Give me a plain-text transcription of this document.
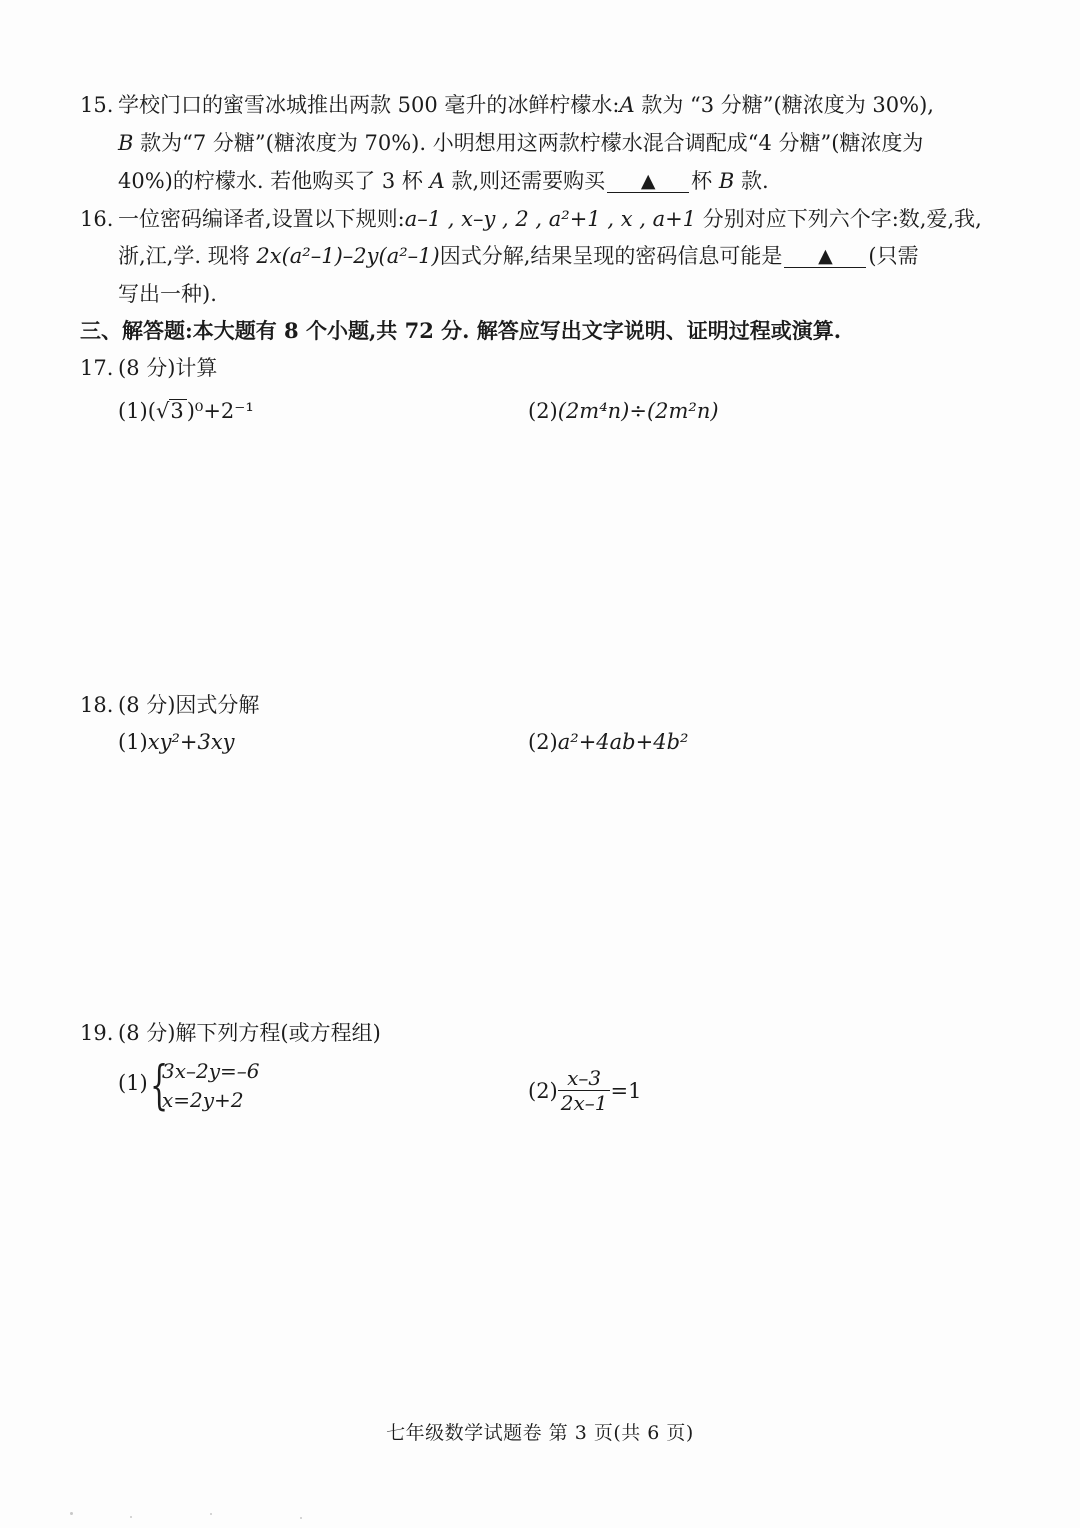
15. 学校门口的蜜雪冰城推出两款 500 毫升的冰鲜柠檬水:A 款为 “3 分糖”(糖浓度为 30%),
B 款为“7 分糖”(糖浓度为 70%). 小明想用这两款柠檬水混合调配成“4 分糖”(糖浓度为
40%)的柠檬水. 若他购买了 3 杯 A 款,则还需要购买 ▲ 杯 B 款.
16. 一位密码编译者,设置以下规则:a–1 , x–y , 2 , a²+1 , x , a+1 分别对应下列六个字:数,爱,我,
浙,江,学. 现将 2x(a²–1)–2y(a²–1)因式分解,结果呈现的密码信息可能是 ▲ (只需
写出一种).
三、解答题:本大题有 8 个小题,共 72 分. 解答应写出文字说明、证明过程或演算.
17. (8 分)计算
(1)(√3 )⁰+2⁻¹	(2)(2m⁴n)÷(2m²n)
18. (8 分)因式分解
(1)xy²+3xy	(2)a²+4ab+4b²
19. (8 分)解下列方程(或方程组)
(1) {
3x–2y=–6
x=2y+2	$(2) \frac{x-3}{2x-1} =1$
七年级数学试题卷 第 3 页(共 6 页)
